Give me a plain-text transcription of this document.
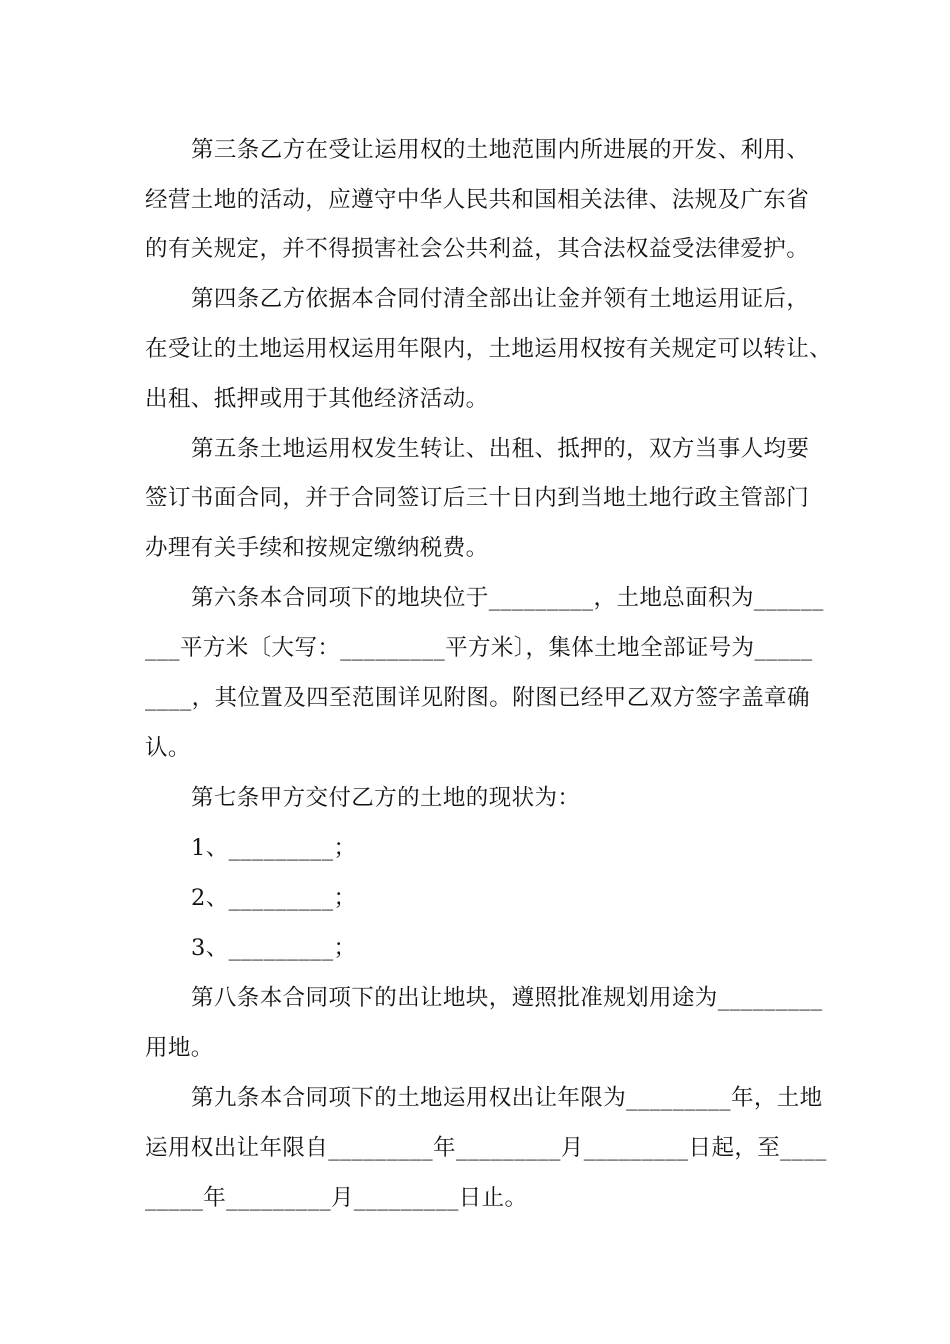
第三条乙方在受让运用权的土地范围内所进展的开发、利用、
经营土地的活动，应遵守中华人民共和国相关法律、法规及广东省
的有关规定，并不得损害社会公共利益，其合法权益受法律爱护。
第四条乙方依据本合同付清全部出让金并领有土地运用证后，
在受让的土地运用权运用年限内，土地运用权按有关规定可以转让、
出租、抵押或用于其他经济活动。
第五条土地运用权发生转让、出租、抵押的，双方当事人均要
签订书面合同，并于合同签订后三十日内到当地土地行政主管部门
办理有关手续和按规定缴纳税费。
第六条本合同项下的地块位于_________，土地总面积为______
___平方米〔大写：_________平方米〕，集体土地全部证号为_____
____，其位置及四至范围详见附图。附图已经甲乙双方签字盖章确
认。
第七条甲方交付乙方的土地的现状为：
1、_________；
2、_________；
3、_________；
第八条本合同项下的出让地块，遵照批准规划用途为_________
用地。
第九条本合同项下的土地运用权出让年限为_________年，土地
运用权出让年限自_________年_________月_________日起，至____
_____年_________月_________日止。
